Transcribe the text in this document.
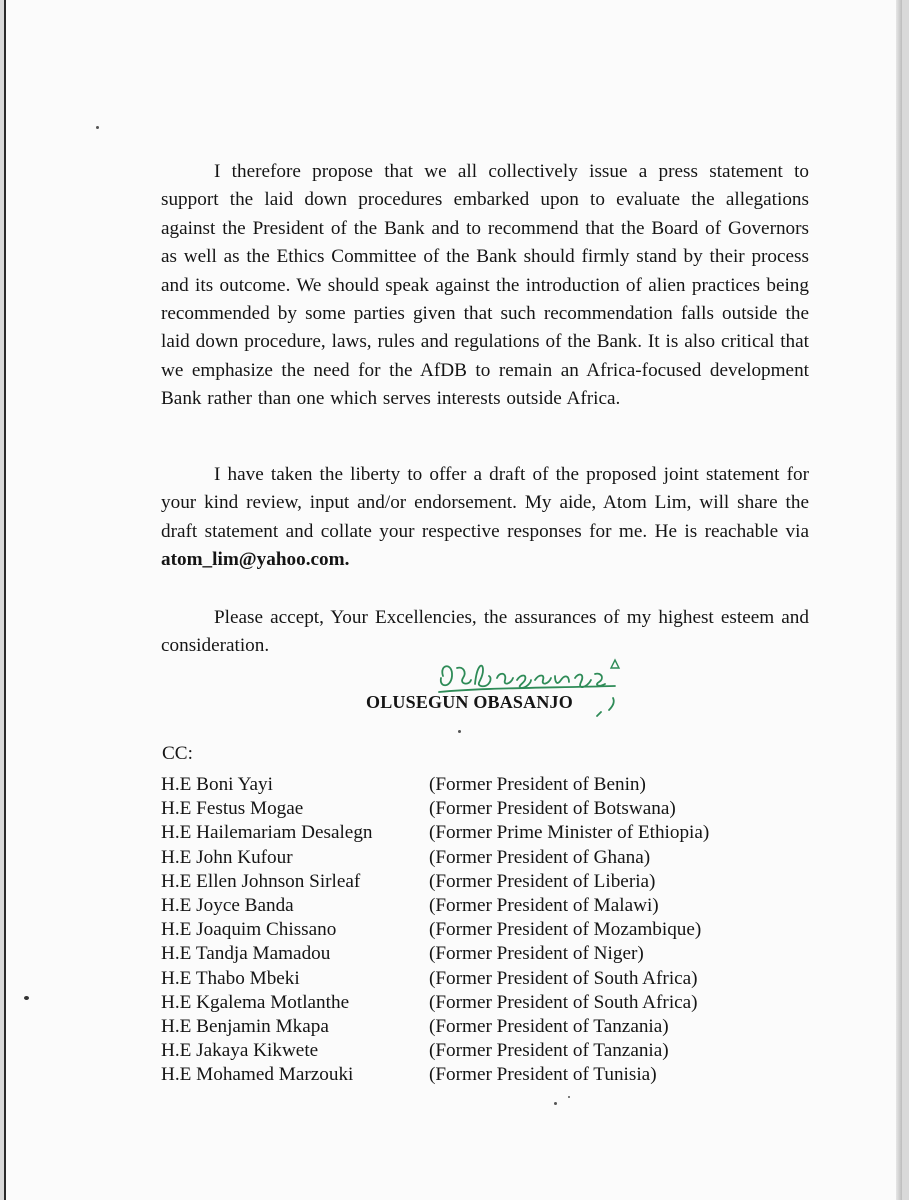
I therefore propose that we all collectively issue a press statement to support the laid down procedures embarked upon to evaluate the allegations against the President of the Bank and to recommend that the Board of Governors as well as the Ethics Committee of the Bank should firmly stand by their process and its outcome. We should speak against the introduction of alien practices being recommended by some parties given that such recommendation falls outside the laid down procedure, laws, rules and regulations of the Bank. It is also critical that we emphasize the need for the AfDB to remain an Africa-focused development Bank rather than one which serves interests outside Africa.

I have taken the liberty to offer a draft of the proposed joint statement for your kind review, input and/or endorsement. My aide, Atom Lim, will share the draft statement and collate your respective responses for me. He is reachable via atom_lim@yahoo.com.

Please accept, Your Excellencies, the assurances of my highest esteem and consideration.

OLUSEGUN OBASANJO
CC:
H.E Boni Yayi	(Former President of Benin)
H.E Festus Mogae	(Former President of Botswana)
H.E Hailemariam Desalegn	(Former Prime Minister of Ethiopia)
H.E John Kufour	(Former President of Ghana)
H.E Ellen Johnson Sirleaf	(Former President of Liberia)
H.E Joyce Banda	(Former President of Malawi)
H.E Joaquim Chissano	(Former President of Mozambique)
H.E Tandja Mamadou	(Former President of Niger)
H.E Thabo Mbeki	(Former President of South Africa)
H.E Kgalema Motlanthe	(Former President of South Africa)
H.E Benjamin Mkapa	(Former President of Tanzania)
H.E Jakaya Kikwete	(Former President of Tanzania)
H.E Mohamed Marzouki	(Former President of Tunisia)
